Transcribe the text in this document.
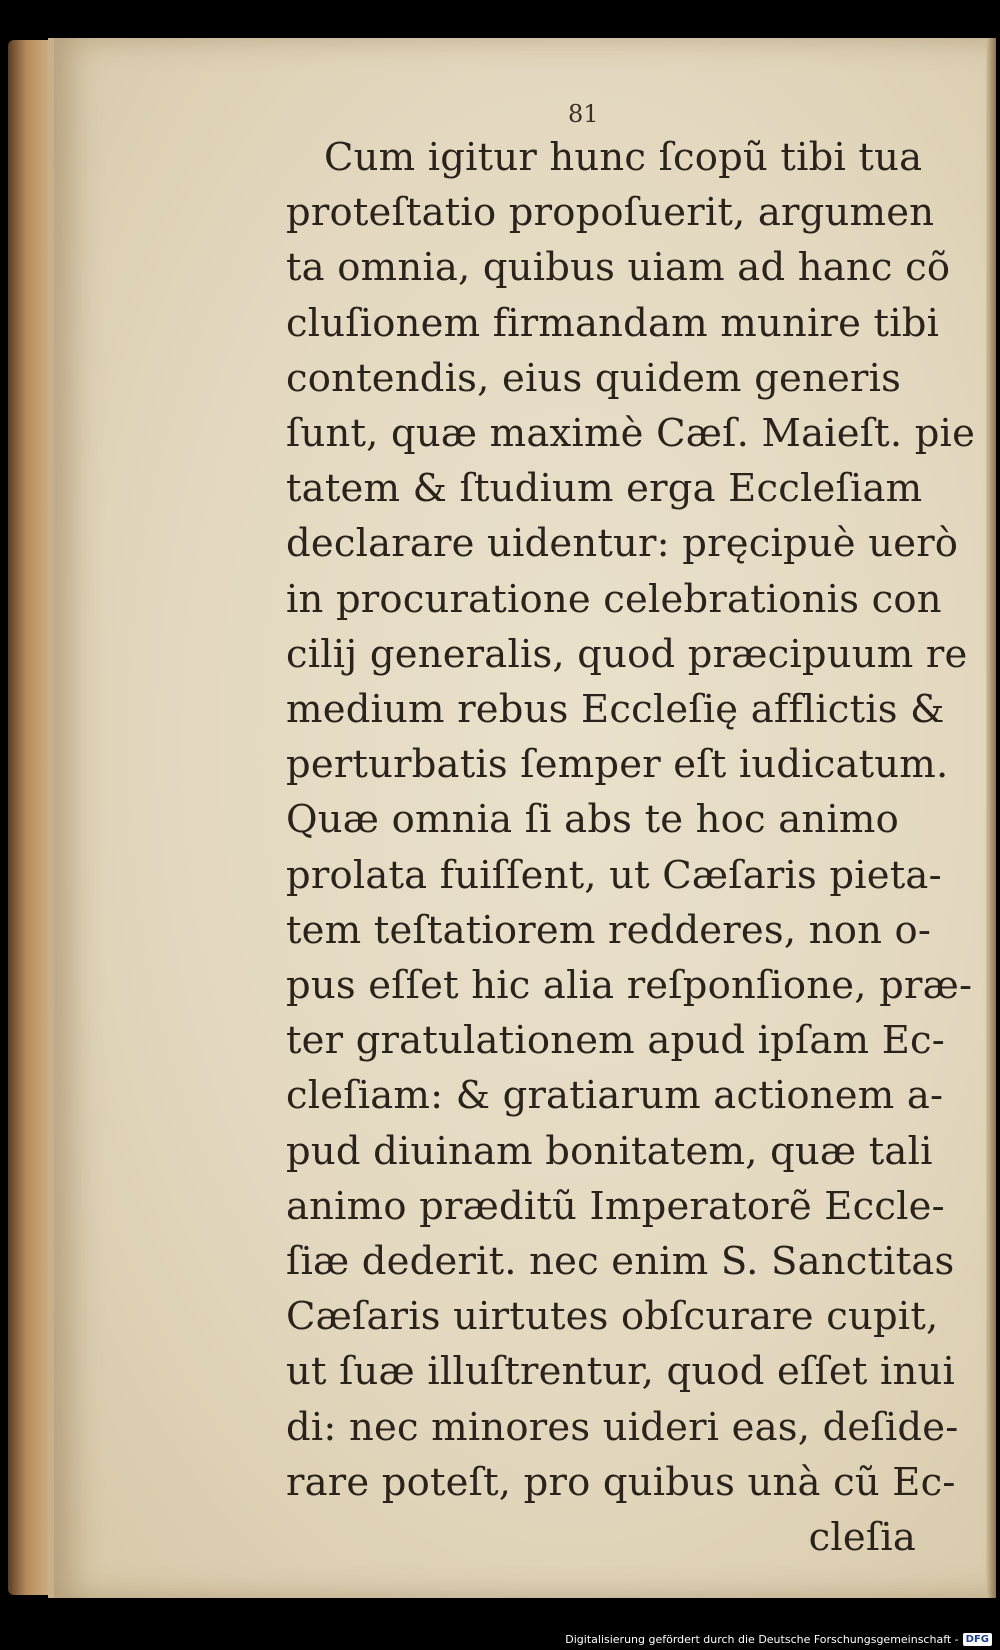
81
Cum igitur hunc ſcopũ tibi tua
proteſtatio propoſuerit, argumen
ta omnia, quibus uiam ad hanc cõ
cluſionem firmandam munire tibi
contendis, eius quidem generis
ſunt, quæ maximè Cæſ. Maieſt. pie
tatem & ſtudium erga Eccleſiam
declarare uidentur: pręcipuè uerò
in procuratione celebrationis con
cilij generalis, quod præcipuum re
medium rebus Eccleſię afflictis &
perturbatis ſemper eſt iudicatum.
Quæ omnia ſi abs te hoc animo
prolata fuiſſent, ut Cæſaris pieta-
tem teſtatiorem redderes, non o-
pus eſſet hic alia reſponſione, præ-
ter gratulationem apud ipſam Ec-
cleſiam: & gratiarum actionem a-
pud diuinam bonitatem, quæ tali
animo præditũ Imperatorẽ Eccle-
ſiæ dederit. nec enim S. Sanctitas
Cæſaris uirtutes obſcurare cupit,
ut ſuæ illuſtrentur, quod eſſet inui
di: nec minores uideri eas, deſide-
rare poteſt, pro quibus unà cũ Ec-
cleſia
Digitalisierung gefördert durch die Deutsche Forschungsgemeinschaft - DFG
